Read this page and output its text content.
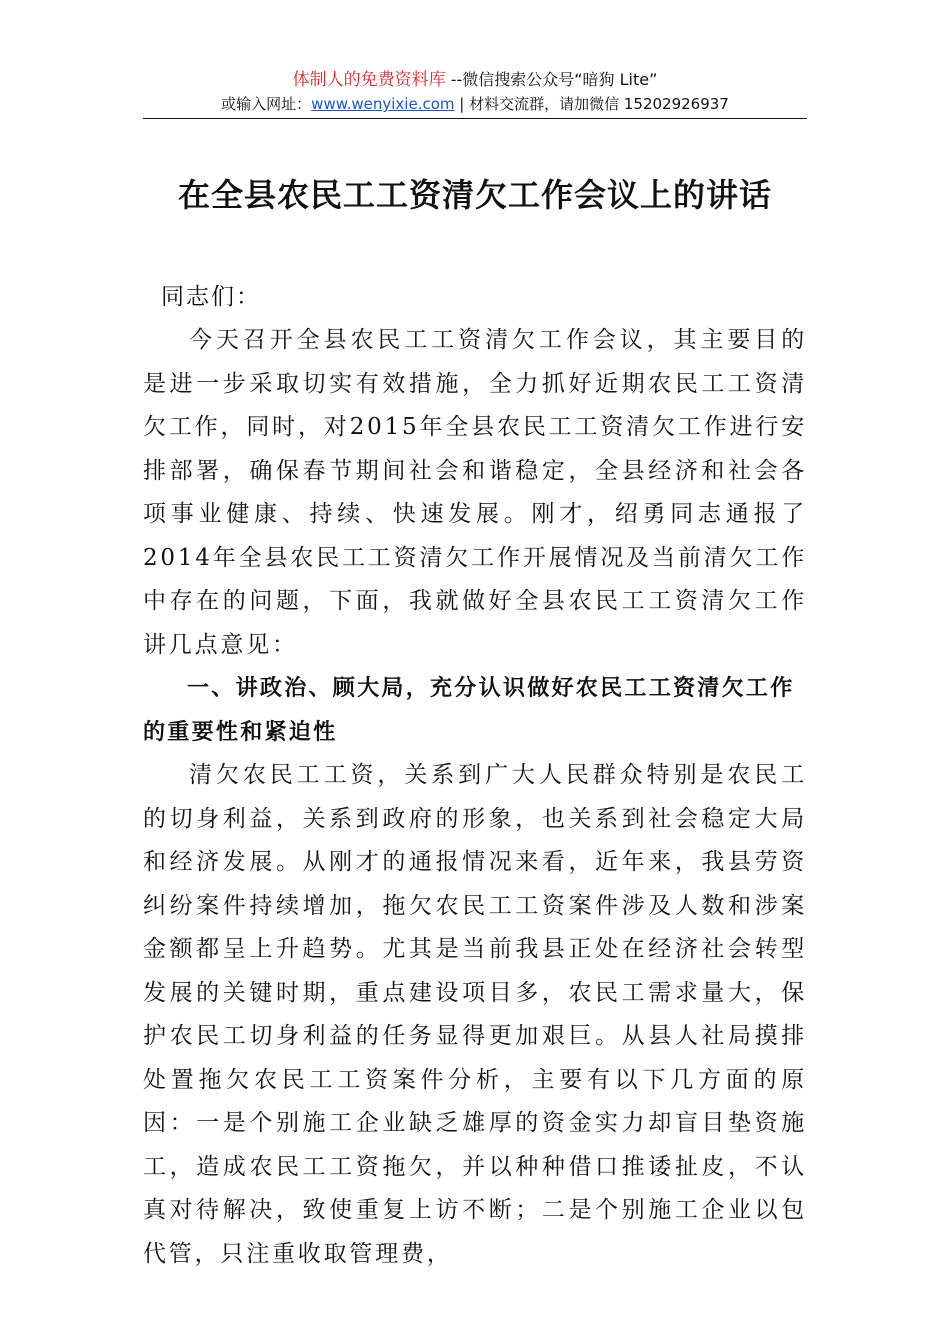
体制人的免费资料库 --微信搜索公众号“暗狗 Lite”
或输入网址：www.wenyixie.com | 材料交流群，请加微信 15202926937
在全县农民工工资清欠工作会议上的讲话

同志们：

今天召开全县农民工工资清欠工作会议，其主要目的是进一步采取切实有效措施，全力抓好近期农民工工资清欠工作，同时，对2015年全县农民工工资清欠工作进行安排部署，确保春节期间社会和谐稳定，全县经济和社会各项事业健康、持续、快速发展。刚才，绍勇同志通报了2014年全县农民工工资清欠工作开展情况及当前清欠工作中存在的问题，下面，我就做好全县农民工工资清欠工作讲几点意见：

一、讲政治、顾大局，充分认识做好农民工工资清欠工作的重要性和紧迫性

清欠农民工工资，关系到广大人民群众特别是农民工的切身利益，关系到政府的形象，也关系到社会稳定大局和经济发展。从刚才的通报情况来看，近年来，我县劳资纠纷案件持续增加，拖欠农民工工资案件涉及人数和涉案金额都呈上升趋势。尤其是当前我县正处在经济社会转型发展的关键时期，重点建设项目多，农民工需求量大，保护农民工切身利益的任务显得更加艰巨。从县人社局摸排处置拖欠农民工工资案件分析，主要有以下几方面的原因：一是个别施工企业缺乏雄厚的资金实力却盲目垫资施工，造成农民工工资拖欠，并以种种借口推诿扯皮，不认真对待解决，致使重复上访不断；二是个别施工企业以包代管，只注重收取管理费，
